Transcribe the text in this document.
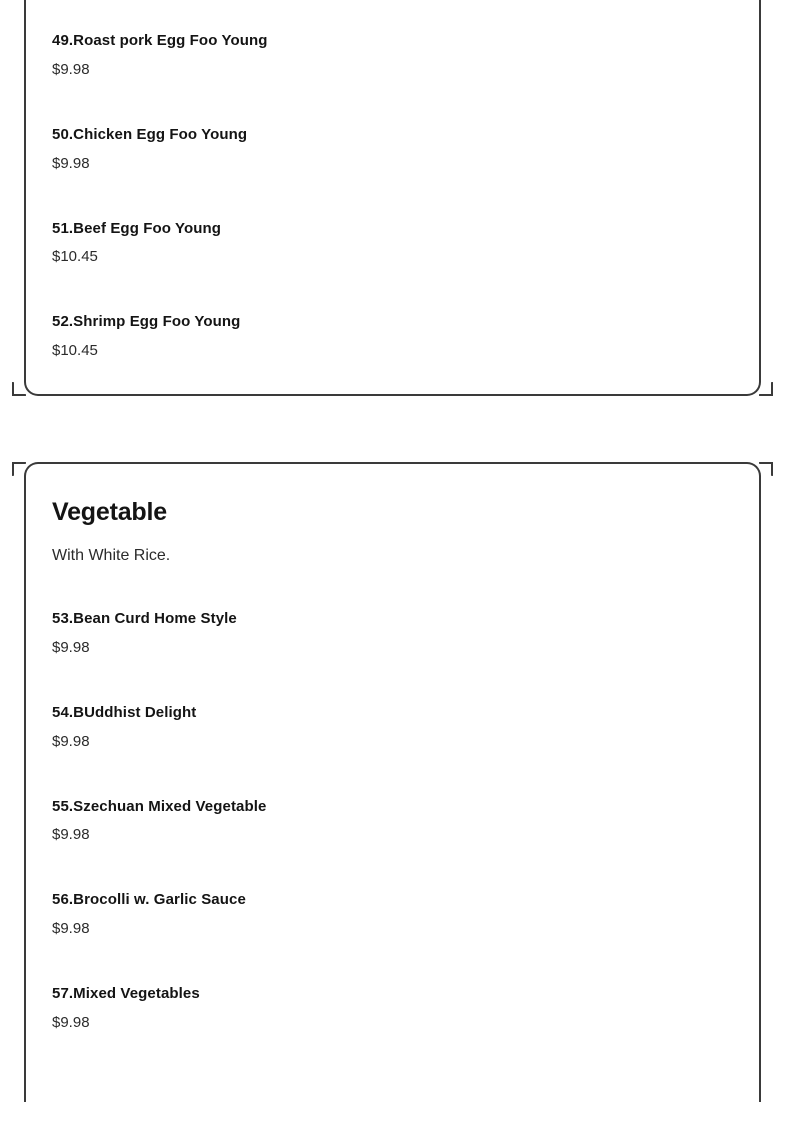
49.Roast pork Egg Foo Young
$9.98
50.Chicken Egg Foo Young
$9.98
51.Beef Egg Foo Young
$10.45
52.Shrimp Egg Foo Young
$10.45
Vegetable

With White Rice.

53.Bean Curd Home Style
$9.98
54.BUddhist Delight
$9.98
55.Szechuan Mixed Vegetable
$9.98
56.Brocolli w. Garlic Sauce
$9.98
57.Mixed Vegetables
$9.98
